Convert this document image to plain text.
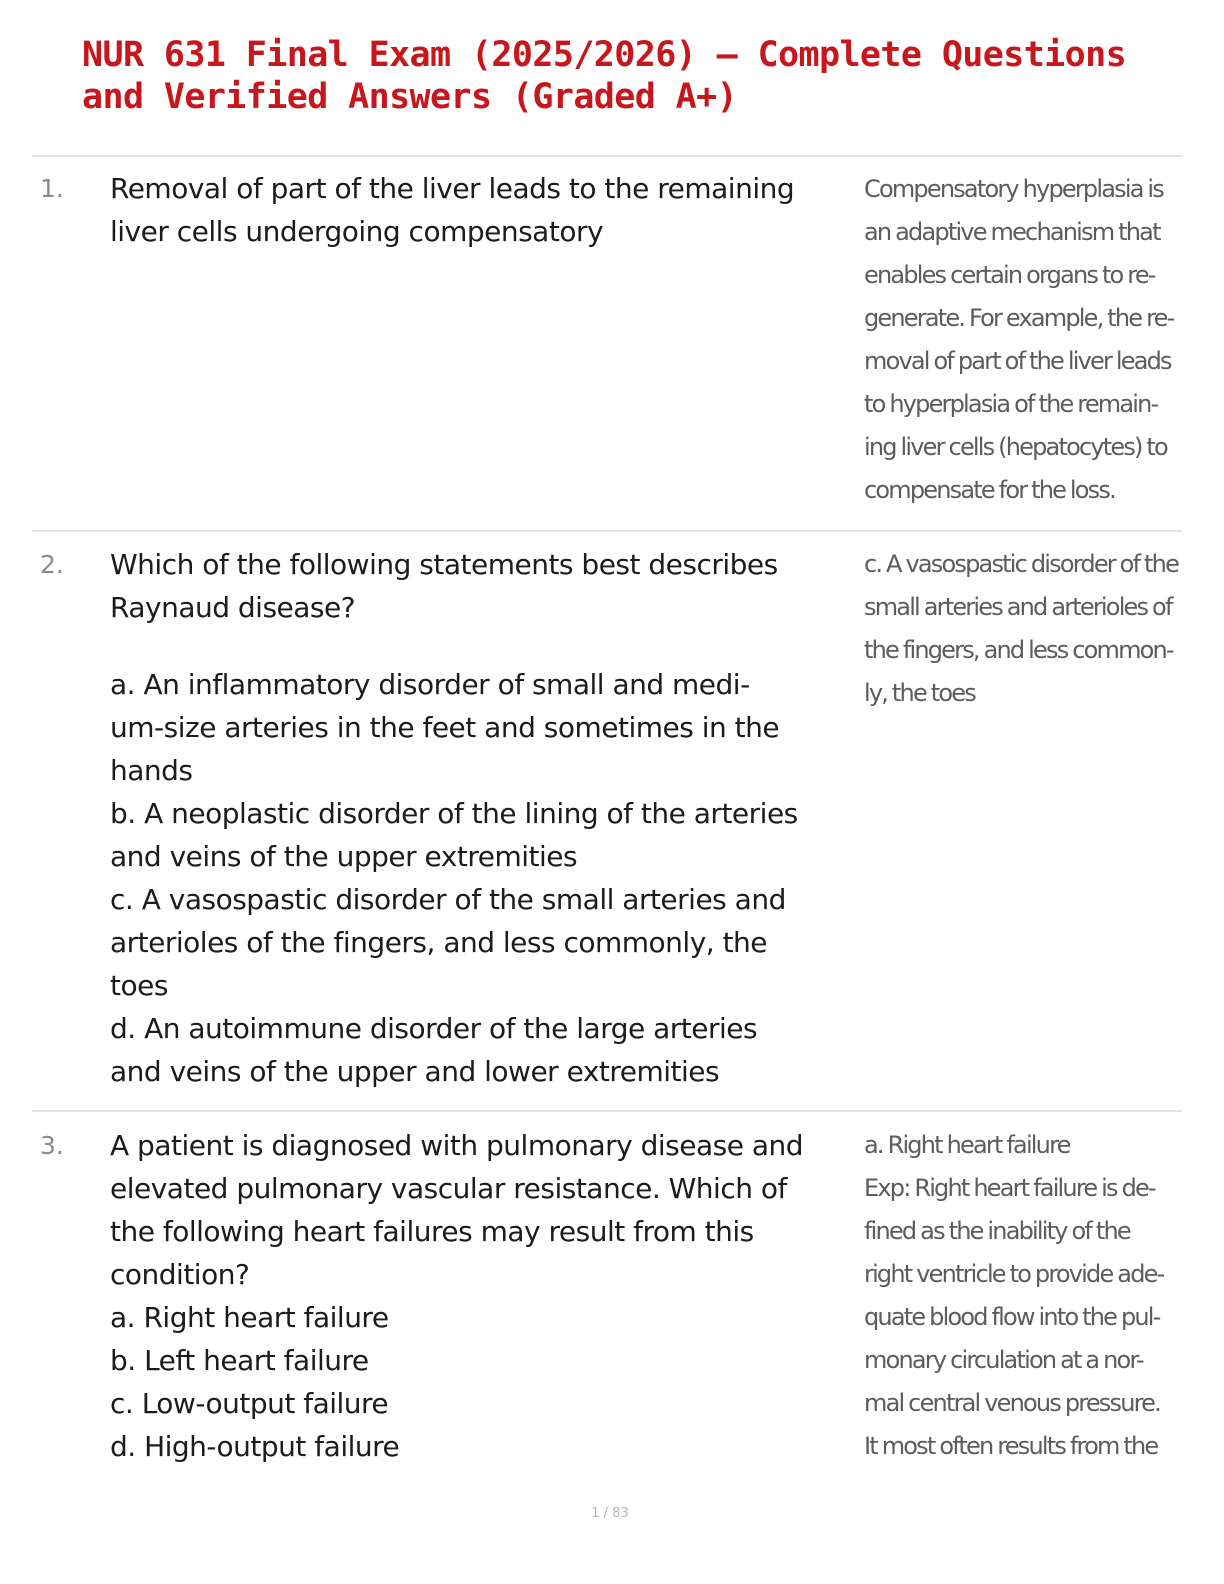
NUR 631 Final Exam (2025/2026) – Complete Questions
and Verified Answers (Graded A+)
1. Removal of part of the liver leads to the remaining

liver cells undergoing compensatory

Compensatory hyperplasia is

an adaptive mechanism that

enables certain organs to re-

generate. For example, the re-

moval of part of the liver leads

to hyperplasia of the remain-

ing liver cells (hepatocytes) to

compensate for the loss.

2. Which of the following statements best describes

Raynaud disease?

a. An inflammatory disorder of small and medi-

um-size arteries in the feet and sometimes in the

hands

b. A neoplastic disorder of the lining of the arteries

and veins of the upper extremities

c. A vasospastic disorder of the small arteries and

arterioles of the fingers, and less commonly, the

toes

d. An autoimmune disorder of the large arteries

and veins of the upper and lower extremities

c. A vasospastic disorder of the

small arteries and arterioles of

the fingers, and less common-

ly, the toes

3. A patient is diagnosed with pulmonary disease and

elevated pulmonary vascular resistance. Which of

the following heart failures may result from this

condition?

a. Right heart failure

b. Left heart failure

c. Low-output failure

d. High-output failure

a. Right heart failure

Exp: Right heart failure is de-

fined as the inability of the

right ventricle to provide ade-

quate blood flow into the pul-

monary circulation at a nor-

mal central venous pressure.

It most often results from the

1 / 83
